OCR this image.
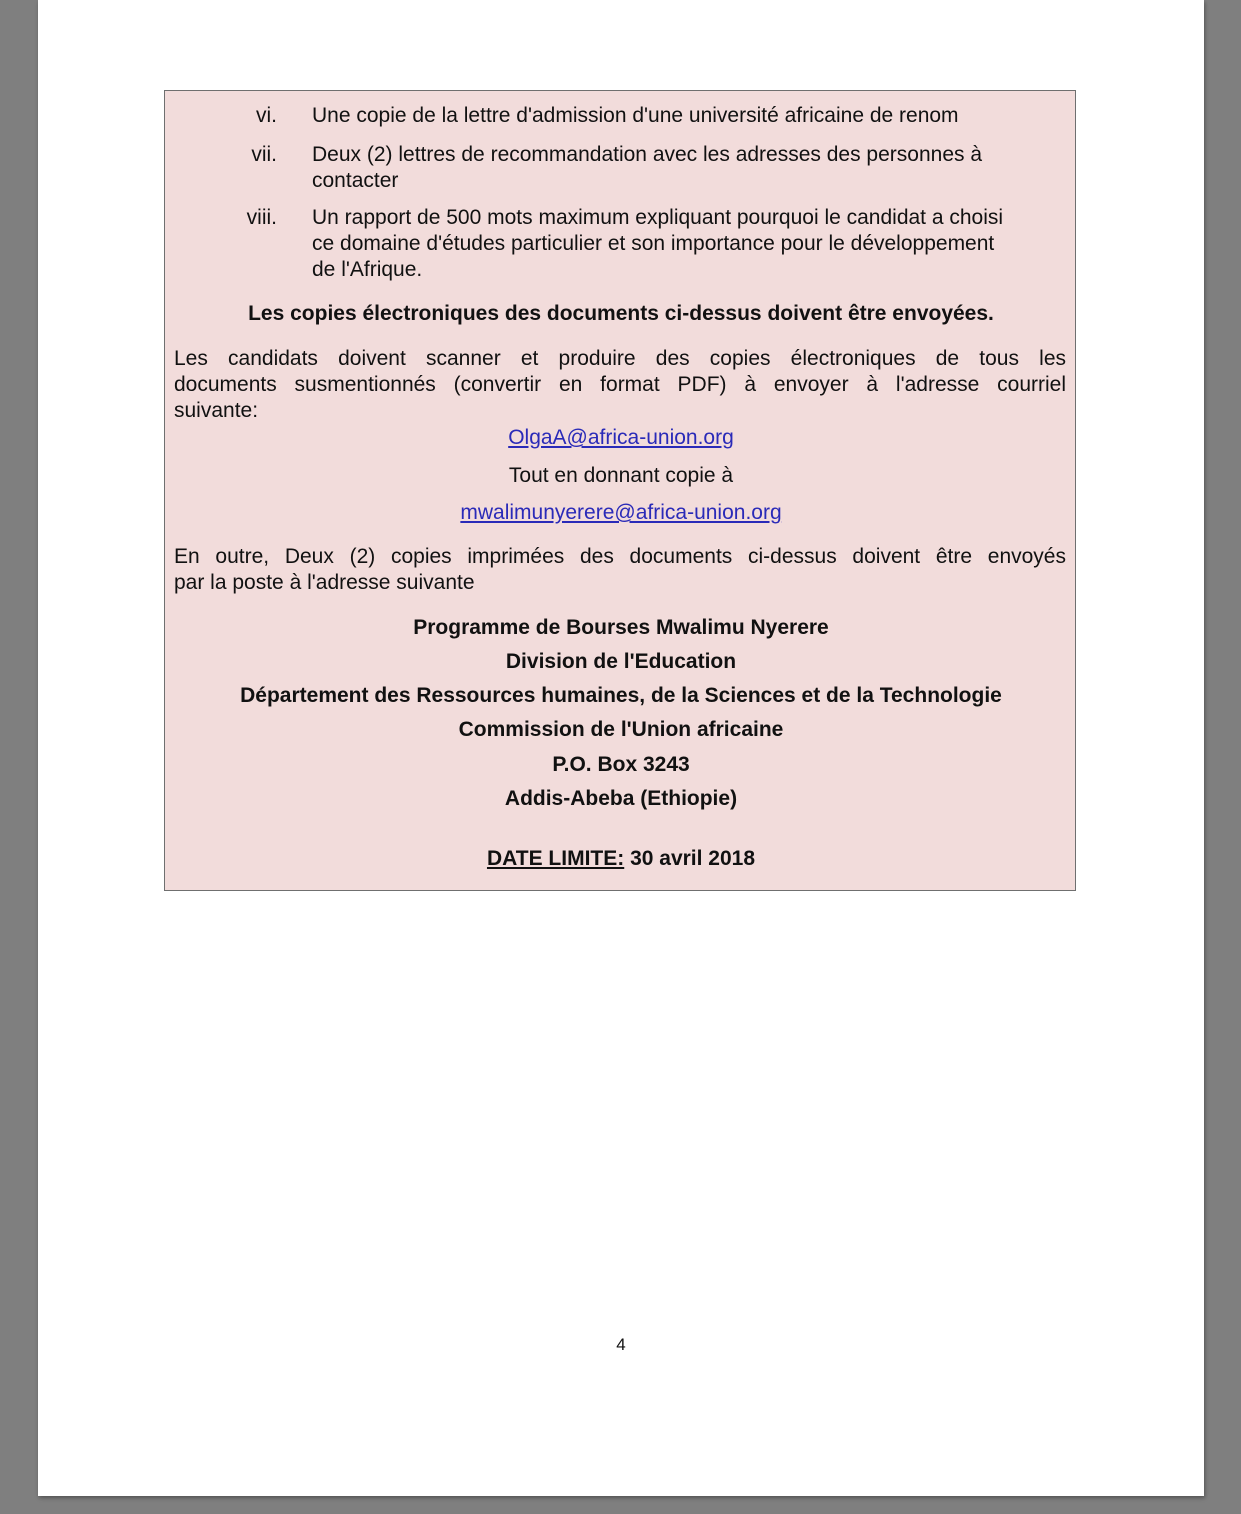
vi. Une copie de la lettre d'admission d'une université africaine de renom
vii. Deux (2) lettres de recommandation avec les adresses des personnes à
contacter
viii. Un rapport de 500 mots maximum expliquant pourquoi le candidat a choisi
ce domaine d'études particulier et son importance pour le développement
de l'Afrique.
Les copies électroniques des documents ci-dessus doivent être envoyées.
Les candidats doivent scanner et produire des copies électroniques de tous les
documents susmentionnés (convertir en format PDF) à envoyer à l'adresse courriel
suivante:
OlgaA@africa-union.org
Tout en donnant copie à
mwalimunyerere@africa-union.org
En outre, Deux (2) copies imprimées des documents ci-dessus doivent être envoyés
par la poste à l'adresse suivante
Programme de Bourses Mwalimu Nyerere
Division de l'Education
Département des Ressources humaines, de la Sciences et de la Technologie
Commission de l'Union africaine
P.O. Box 3243
Addis-Abeba (Ethiopie)
DATE LIMITE: 30 avril 2018
4
